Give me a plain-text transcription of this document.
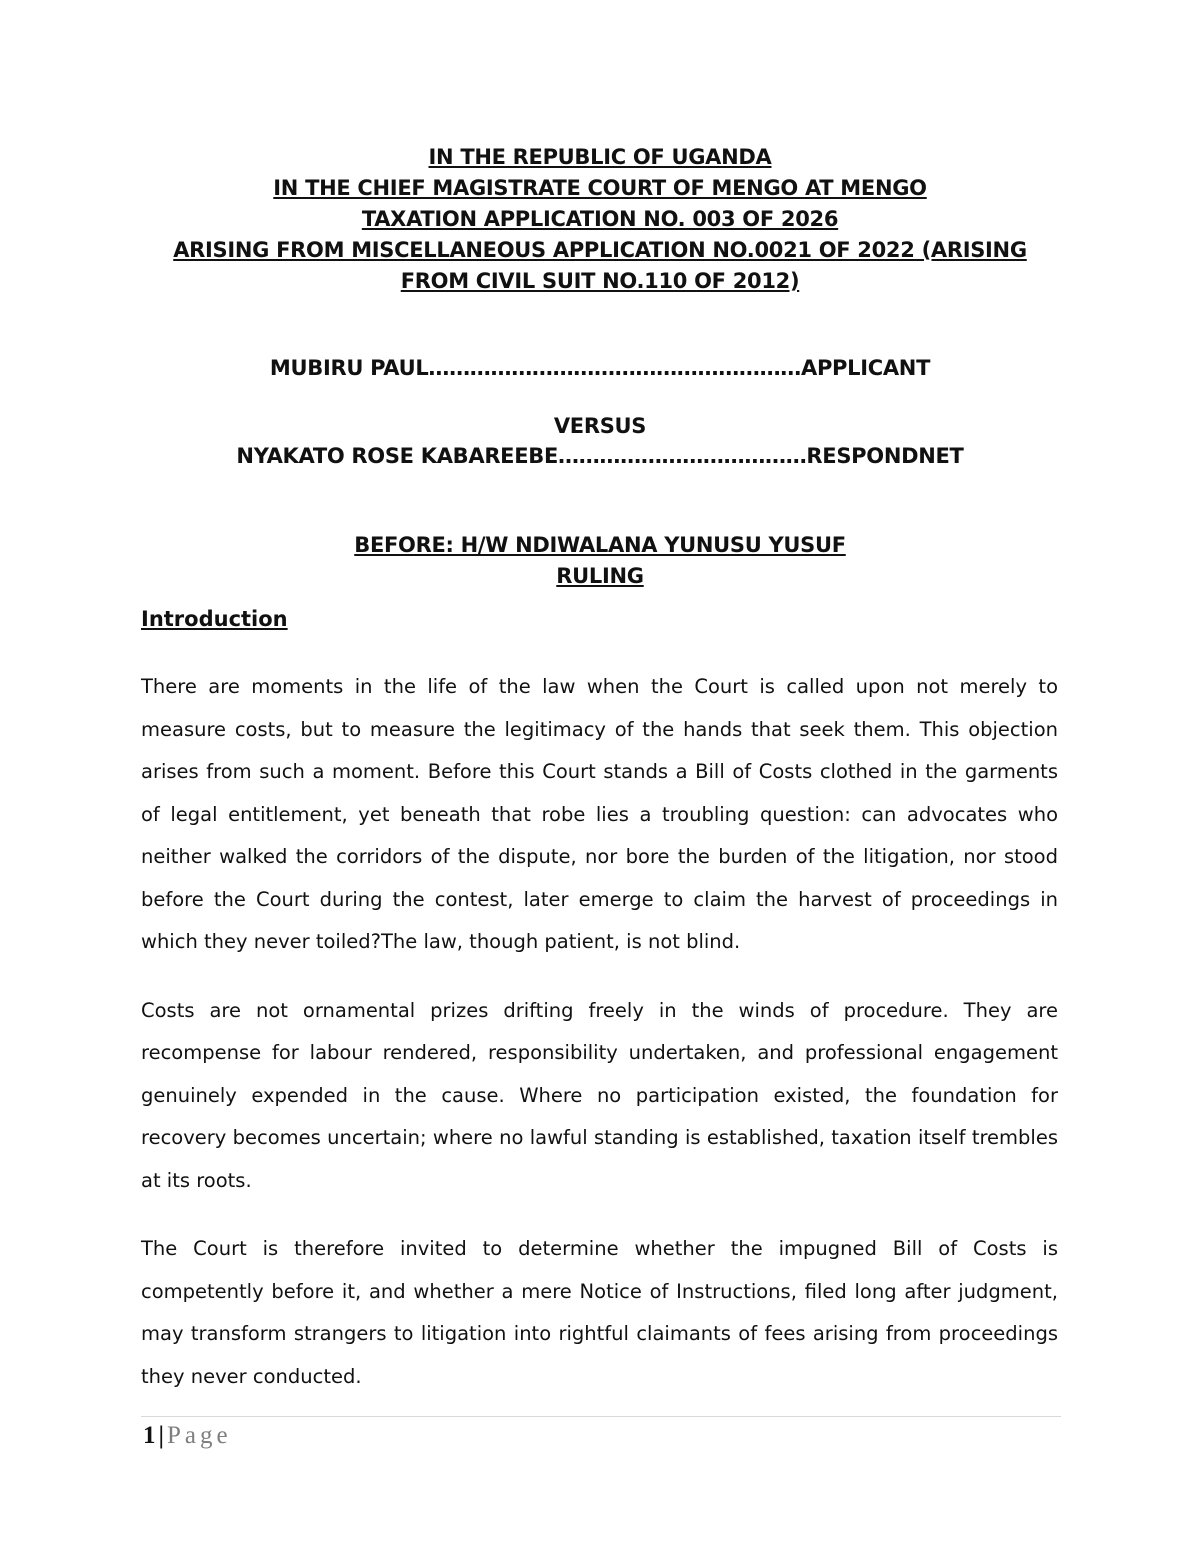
IN THE REPUBLIC OF UGANDA
IN THE CHIEF MAGISTRATE COURT OF MENGO AT MENGO
TAXATION APPLICATION NO. 003 OF 2026
ARISING FROM MISCELLANEOUS APPLICATION NO.0021 OF 2022 (ARISING
FROM CIVIL SUIT NO.110 OF 2012)
MUBIRU PAUL………………………………………………APPLICANT
VERSUS
NYAKATO ROSE KABAREEBE………………………………RESPONDNET
BEFORE: H/W NDIWALANA YUNUSU YUSUF
RULING
Introduction

There are moments in the life of the law when the Court is called upon not merely to measure costs, but to measure the legitimacy of the hands that seek them. This objection arises from such a moment. Before this Court stands a Bill of Costs clothed in the garments of legal entitlement, yet beneath that robe lies a troubling question: can advocates who neither walked the corridors of the dispute, nor bore the burden of the litigation, nor stood before the Court during the contest, later emerge to claim the harvest of proceedings in which they never toiled?The law, though patient, is not blind.

Costs are not ornamental prizes drifting freely in the winds of procedure. They are recompense for labour rendered, responsibility undertaken, and professional engagement genuinely expended in the cause. Where no participation existed, the foundation for recovery becomes uncertain; where no lawful standing is established, taxation itself trembles at its roots.

The Court is therefore invited to determine whether the impugned Bill of Costs is competently before it, and whether a mere Notice of Instructions, filed long after judgment, may transform strangers to litigation into rightful claimants of fees arising from proceedings they never conducted.

1 | Page
